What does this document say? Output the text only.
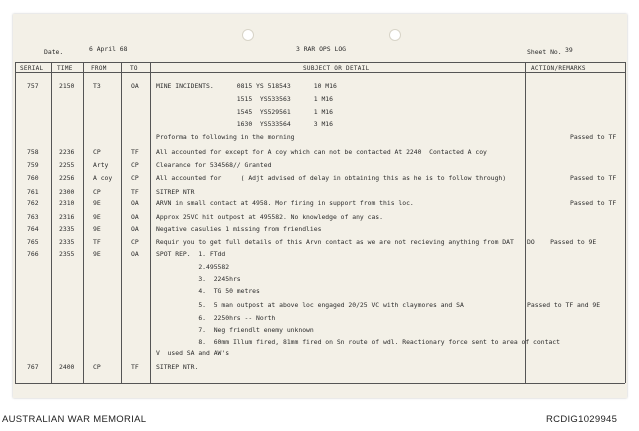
Date.	6 April 68	3 RAR OPS LOG	Sheet No. 39
SERIAL TIME	FROM	TO	SUBJECT OR DETAIL	ACTION/REMARKS
757	2150	T3	OA	MINE INCIDENTS.      0815 YS 518543      10 M16
1515  YS533563      1 M16
1545  YS529561      1 M16
1630  YS533564      3 M16
Proforma to following in the morning	Passed to TF
758	2236	CP	TF	All accounted for except for A coy which can not be contacted At 2240  Contacted A coy
759	2255	Arty	CP	Clearance for 534568// Granted
760	2256	A coy	CP	All accounted for     ( Adjt advised of delay in obtaining this as he is to follow through)	Passed to TF
761	2300	CP	TF	SITREP NTR
762	2310	9E	OA	ARVN in small contact at 4958. Mor firing in support from this loc.	Passed to TF
763	2316	9E	OA	Approx 25VC hit outpost at 495582. No knowledge of any cas.
764	2335	9E	OA	Negative casulies 1 missing from friendlies
765	2335	TF	CP	Requir you to get full details of this Arvn contact as we are not recieving anything from DAT DO    Passed to 9E
766	2355	9E	OA	SPOT REP.  1. FTdd
2.495582
3.  2245hrs
4.  TG 50 metres
5.  5 man outpost at above loc engaged 20/25 VC with claymores and SA	Passed to TF and 9E
6.  2250hrs -- North
7.  Neg friendlt enemy unknown
8.  60mm Illum fired, 81mm fired on Sn route of wdl. Reactionary force sent to area of contact
V  used SA and AW's
767	2400	CP	TF	SITREP NTR.
AUSTRALIAN WAR MEMORIAL	RCDIG1029945
